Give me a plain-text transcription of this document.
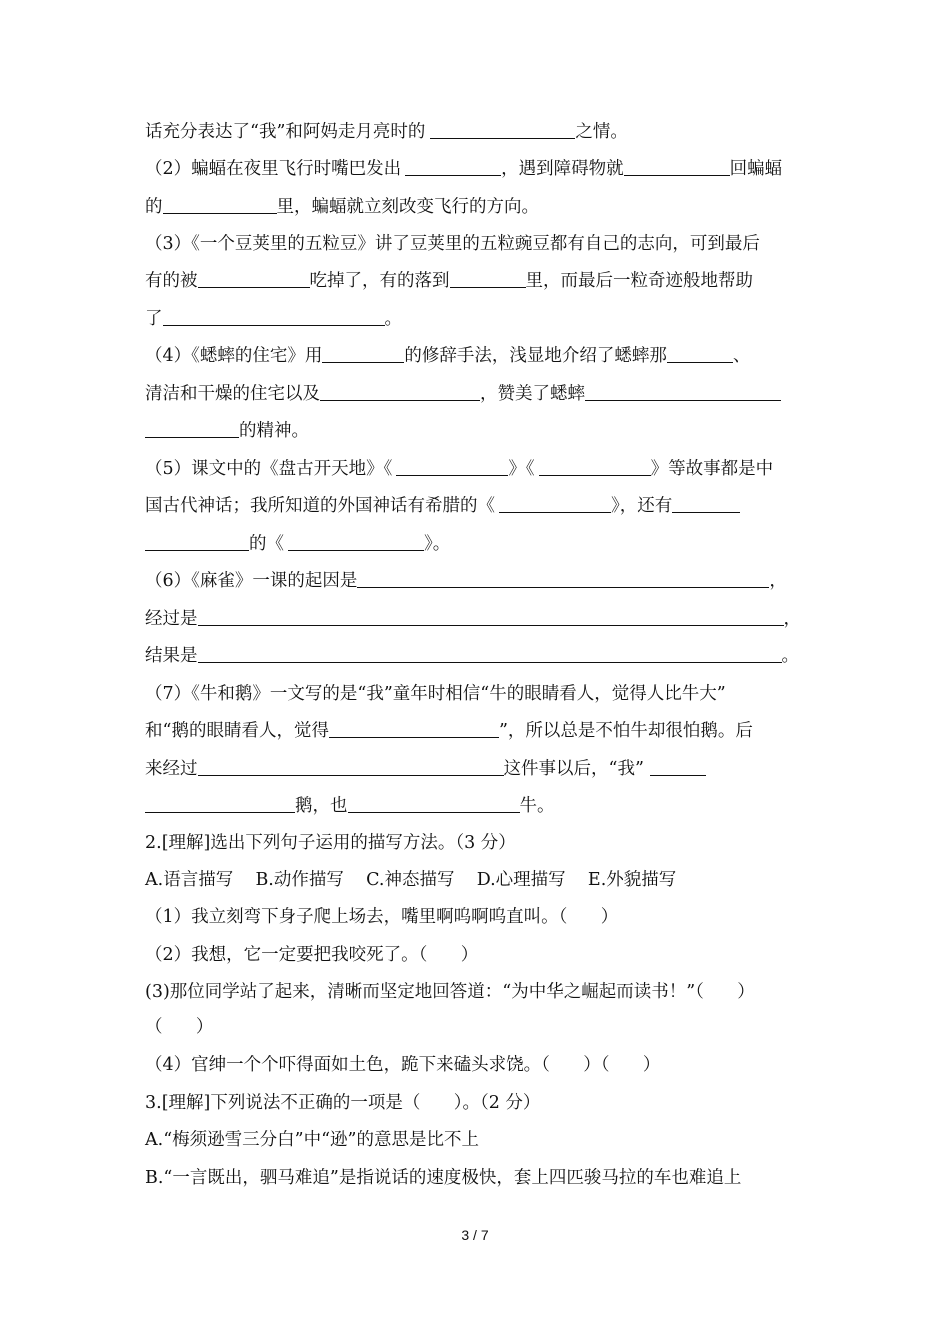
话充分表达了“我”和阿妈走月亮时的	之情。
（2）蝙蝠在夜里飞行时嘴巴发出	，遇到障碍物就	回蝙蝠
的	里，蝙蝠就立刻改变飞行的方向。
（3）《一个豆荚里的五粒豆》讲了豆荚里的五粒豌豆都有自己的志向，可到最后
有的被	吃掉了，有的落到	里，而最后一粒奇迹般地帮助
了	。
（4）《蟋蟀的住宅》用	的修辞手法，浅显地介绍了蟋蟀那	、
清洁和干燥的住宅以及	，赞美了蟋蟀
的精神。
（5）课文中的《盘古开天地》《	》《	》等故事都是中
国古代神话；我所知道的外国神话有希腊的《	》，还有
的《	》。
（6）《麻雀》一课的起因是	，
经过是	，
结果是	。
（7）《牛和鹅》一文写的是“我”童年时相信“牛的眼睛看人，觉得人比牛大”
和“鹅的眼睛看人，觉得	”，所以总是不怕牛却很怕鹅。后
来经过	这件事以后，“我”
鹅，也	牛。
2.[理解]选出下列句子运用的描写方法。（3 分）
A.语言描写    B.动作描写    C.神态描写    D.心理描写    E.外貌描写
（1）我立刻弯下身子爬上场去，嘴里啊呜啊呜直叫。（      ）
（2）我想，它一定要把我咬死了。（      ）
(3)那位同学站了起来，清晰而坚定地回答道：“为中华之崛起而读书！”（      ）
（      ）
（4）官绅一个个吓得面如土色，跪下来磕头求饶。（      ）（      ）
3.[理解]下列说法不正确的一项是（      ）。（2 分）
A.“梅须逊雪三分白”中“逊”的意思是比不上
B.“一言既出，驷马难追”是指说话的速度极快，套上四匹骏马拉的车也难追上
3 / 7
